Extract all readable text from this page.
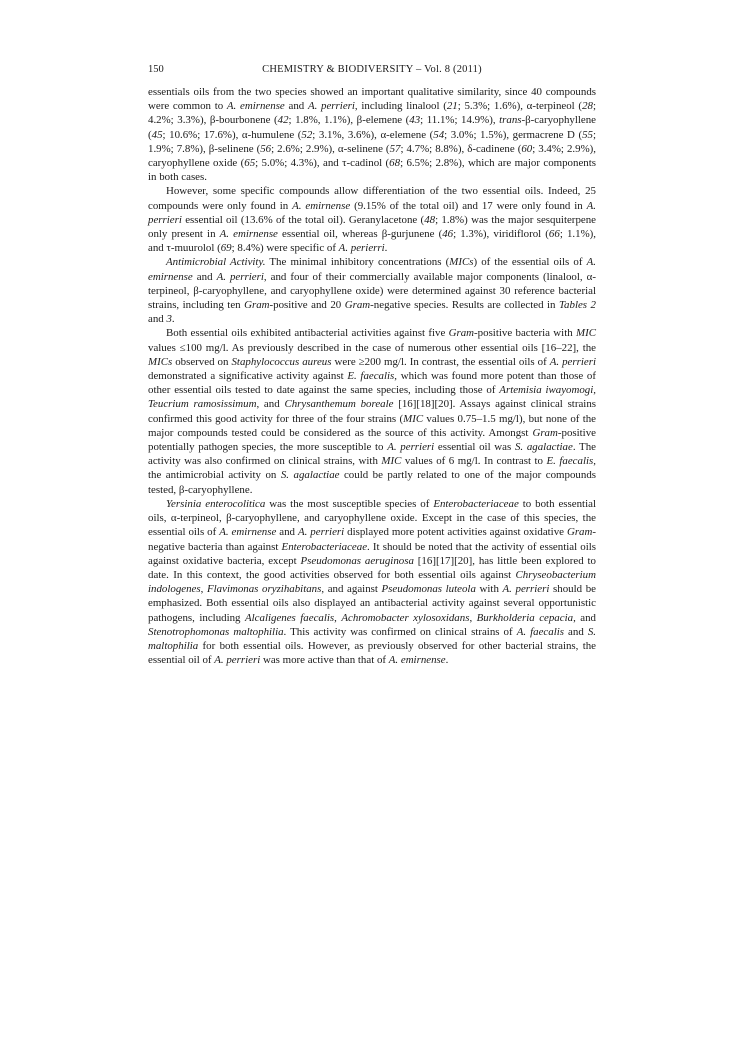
150	CHEMISTRY & BIODIVERSITY – Vol. 8 (2011)

essentials oils from the two species showed an important qualitative similarity, since 40 compounds were common to A. emirnense and A. perrieri, including linalool (21; 5.3%; 1.6%), α-terpineol (28; 4.2%; 3.3%), β-bourbonene (42; 1.8%, 1.1%), β-elemene (43; 11.1%; 14.9%), trans-β-caryophyllene (45; 10.6%; 17.6%), α-humulene (52; 3.1%, 3.6%), α-elemene (54; 3.0%; 1.5%), germacrene D (55; 1.9%; 7.8%), β-selinene (56; 2.6%; 2.9%), α-selinene (57; 4.7%; 8.8%), δ-cadinene (60; 3.4%; 2.9%), caryophyllene oxide (65; 5.0%; 4.3%), and τ-cadinol (68; 6.5%; 2.8%), which are major components in both cases.

However, some specific compounds allow differentiation of the two essential oils. Indeed, 25 compounds were only found in A. emirnense (9.15% of the total oil) and 17 were only found in A. perrieri essential oil (13.6% of the total oil). Geranylacetone (48; 1.8%) was the major sesquiterpene only present in A. emirnense essential oil, whereas β-gurjunene (46; 1.3%), viridiflorol (66; 1.1%), and τ-muurolol (69; 8.4%) were specific of A. perierri.

Antimicrobial Activity. The minimal inhibitory concentrations (MICs) of the essential oils of A. emirnense and A. perrieri, and four of their commercially available major components (linalool, α-terpineol, β-caryophyllene, and caryophyllene oxide) were determined against 30 reference bacterial strains, including ten Gram-positive and 20 Gram-negative species. Results are collected in Tables 2 and 3.

Both essential oils exhibited antibacterial activities against five Gram-positive bacteria with MIC values ≤100 mg/l. As previously described in the case of numerous other essential oils [16–22], the MICs observed on Staphylococcus aureus were ≥200 mg/l. In contrast, the essential oils of A. perrieri demonstrated a significative activity against E. faecalis, which was found more potent than those of other essential oils tested to date against the same species, including those of Artemisia iwayomogi, Teucrium ramosissimum, and Chrysanthemum boreale [16][18][20]. Assays against clinical strains confirmed this good activity for three of the four strains (MIC values 0.75–1.5 mg/l), but none of the major compounds tested could be considered as the source of this activity. Amongst Gram-positive potentially pathogen species, the more susceptible to A. perrieri essential oil was S. agalactiae. The activity was also confirmed on clinical strains, with MIC values of 6 mg/l. In contrast to E. faecalis, the antimicrobial activity on S. agalactiae could be partly related to one of the major compounds tested, β-caryophyllene.

Yersinia enterocolitica was the most susceptible species of Enterobacteriaceae to both essential oils, α-terpineol, β-caryophyllene, and caryophyllene oxide. Except in the case of this species, the essential oils of A. emirnense and A. perrieri displayed more potent activities against oxidative Gram-negative bacteria than against Enterobacteriaceae. It should be noted that the activity of essential oils against oxidative bacteria, except Pseudomonas aeruginosa [16][17][20], has little been explored to date. In this context, the good activities observed for both essential oils against Chryseobacterium indologenes, Flavimonas oryzihabitans, and against Pseudomonas luteola with A. perrieri should be emphasized. Both essential oils also displayed an antibacterial activity against several opportunistic pathogens, including Alcaligenes faecalis, Achromobacter xylosoxidans, Burkholderia cepacia, and Stenotrophomonas maltophilia. This activity was confirmed on clinical strains of A. faecalis and S. maltophilia for both essential oils. However, as previously observed for other bacterial strains, the essential oil of A. perrieri was more active than that of A. emirnense.
